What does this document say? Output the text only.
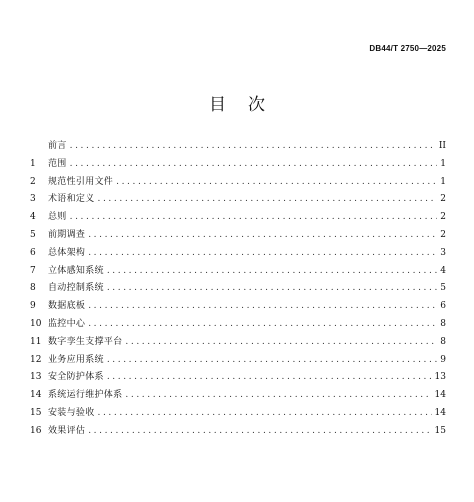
DB44/T 2750—2025
目次
前言 .....	II
1	范围 .....	1
2	规范性引用文件 .....	1
3	术语和定义 .....	2
4	总则 .....	2
5	前期调查 .....	2
6	总体架构 .....	3
7	立体感知系统 .....	4
8	自动控制系统 .....	5
9	数据底板 .....	6
10 监控中心 .....	8
11 数字孪生支撑平台 .....	8
12 业务应用系统 .....	9
13 安全防护体系 .....	13
14 系统运行维护体系 .....	14
15 安装与验收 .....	14
16 效果评估 .....	15
